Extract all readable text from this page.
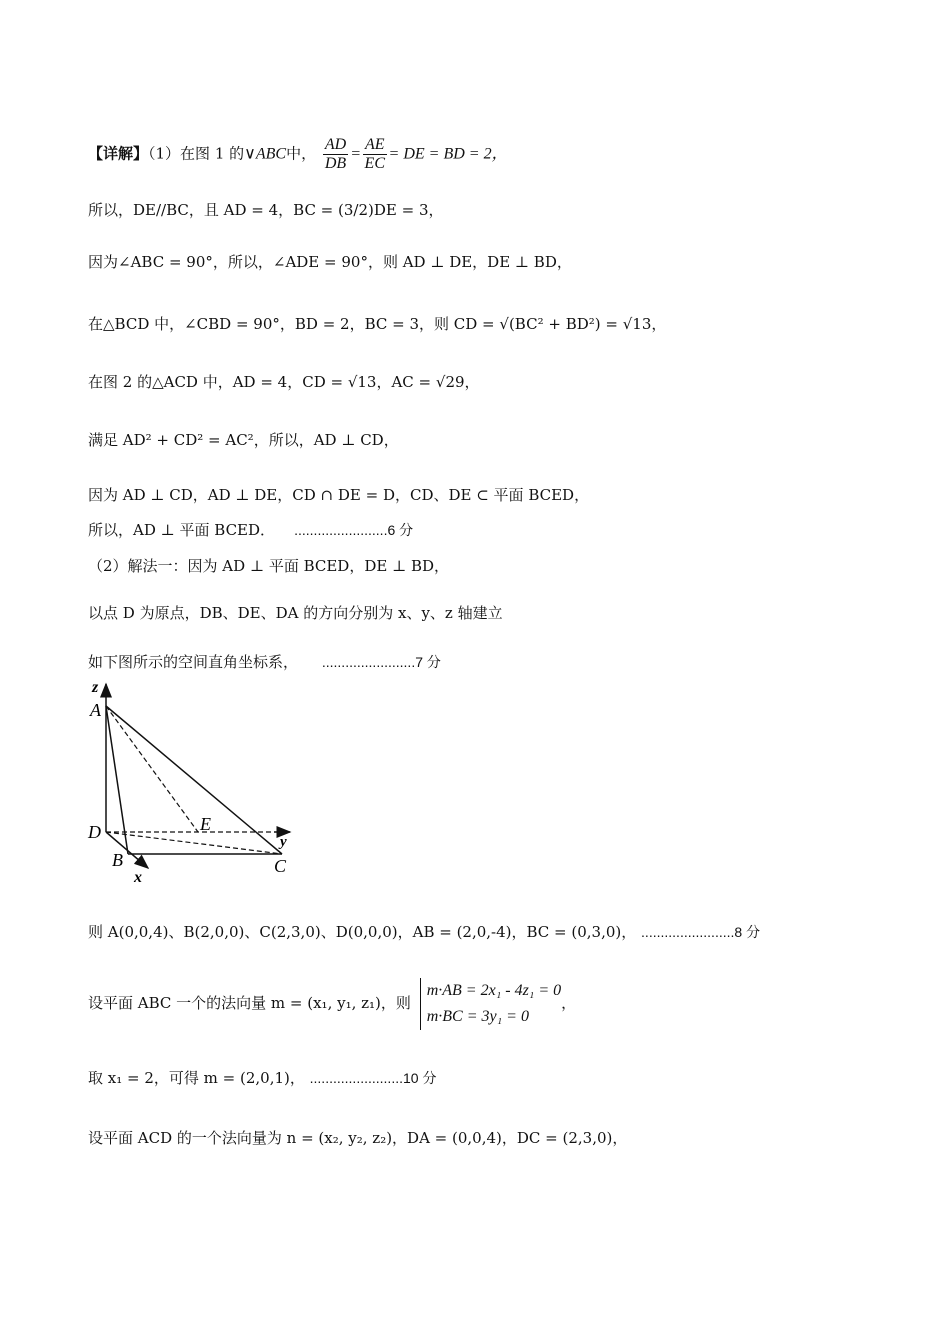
【详解】（1）在图 1 的∨ABC中， $\frac{AD}{DB} = \frac{AE}{EC}$ = DE = BD = 2，
所以，DE//BC，且 AD = 4，BC = (3/2)DE = 3，
因为∠ABC = 90°，所以，∠ADE = 90°，则 AD ⊥ DE，DE ⊥ BD，
在△BCD 中，∠CBD = 90°，BD = 2，BC = 3，则 CD = √(BC² + BD²) = √13，
在图 2 的△ACD 中，AD = 4，CD = √13，AC = √29，
满足 AD² + CD² = AC²，所以，AD ⊥ CD，
因为 AD ⊥ CD，AD ⊥ DE，CD ∩ DE = D，CD、DE ⊂ 平面 BCED，
所以，AD ⊥ 平面 BCED． ........................6 分
（2）解法一：因为 AD ⊥ 平面 BCED，DE ⊥ BD，
以点 D 为原点，DB、DE、DA 的方向分别为 x、y、z 轴建立
如下图所示的空间直角坐标系， ........................7 分
z
A
D	E
y
B
x
C
则 A(0,0,4)、B(2,0,0)、C(2,3,0)、D(0,0,0)，AB = (2,0,-4)，BC = (0,3,0)， ........................8 分
设平面 ABC 一个的法向量 m = (x₁, y₁, z₁)，则
m·AB = 2x₁ - 4z₁ = 0
m·BC = 3y₁ = 0
，
取 x₁ = 2，可得 m = (2,0,1)， ........................10 分
设平面 ACD 的一个法向量为 n = (x₂, y₂, z₂)，DA = (0,0,4)，DC = (2,3,0)，
